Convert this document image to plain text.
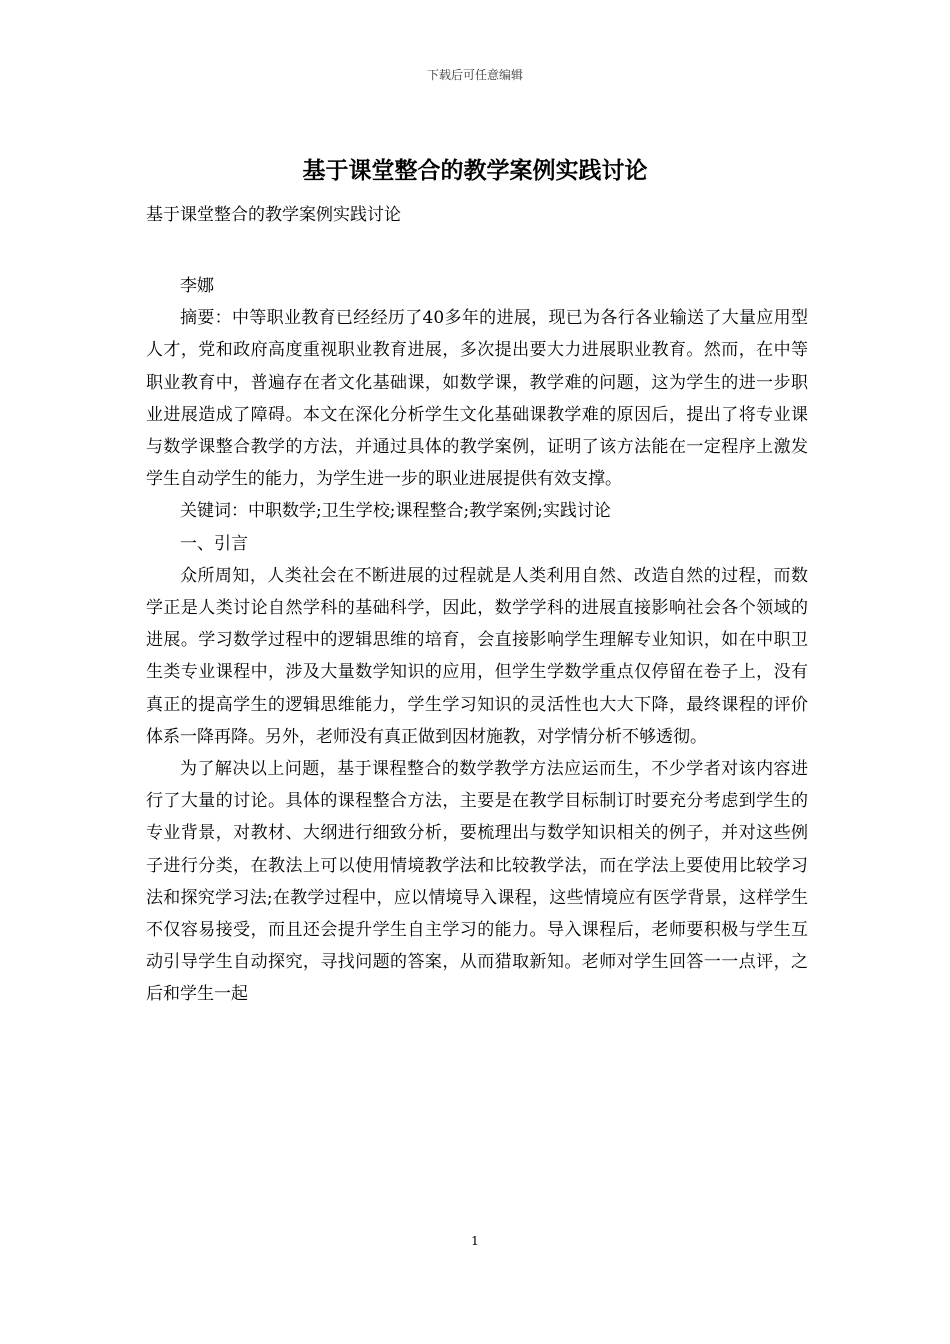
下载后可任意编辑
基于课堂整合的教学案例实践讨论

基于课堂整合的教学案例实践讨论

李娜

摘要：中等职业教育已经经历了40多年的进展，现已为各行各业输送了大量应用型人才，党和政府高度重视职业教育进展，多次提出要大力进展职业教育。然而，在中等职业教育中，普遍存在者文化基础课，如数学课，教学难的问题，这为学生的进一步职业进展造成了障碍。本文在深化分析学生文化基础课教学难的原因后，提出了将专业课与数学课整合教学的方法，并通过具体的教学案例，证明了该方法能在一定程序上激发学生自动学生的能力，为学生进一步的职业进展提供有效支撑。

关键词：中职数学;卫生学校;课程整合;教学案例;实践讨论

一、引言

众所周知，人类社会在不断进展的过程就是人类利用自然、改造自然的过程，而数学正是人类讨论自然学科的基础科学，因此，数学学科的进展直接影响社会各个领域的进展。学习数学过程中的逻辑思维的培育，会直接影响学生理解专业知识，如在中职卫生类专业课程中，涉及大量数学知识的应用，但学生学数学重点仅停留在卷子上，没有真正的提高学生的逻辑思维能力，学生学习知识的灵活性也大大下降，最终课程的评价体系一降再降。另外，老师没有真正做到因材施教，对学情分析不够透彻。

为了解决以上问题，基于课程整合的数学教学方法应运而生，不少学者对该内容进行了大量的讨论。具体的课程整合方法，主要是在教学目标制订时要充分考虑到学生的专业背景，对教材、大纲进行细致分析，要梳理出与数学知识相关的例子，并对这些例子进行分类，在教法上可以使用情境教学法和比较教学法，而在学法上要使用比较学习法和探究学习法;在教学过程中，应以情境导入课程，这些情境应有医学背景，这样学生不仅容易接受，而且还会提升学生自主学习的能力。导入课程后，老师要积极与学生互动引导学生自动探究，寻找问题的答案，从而猎取新知。老师对学生回答一一点评，之后和学生一起

1
